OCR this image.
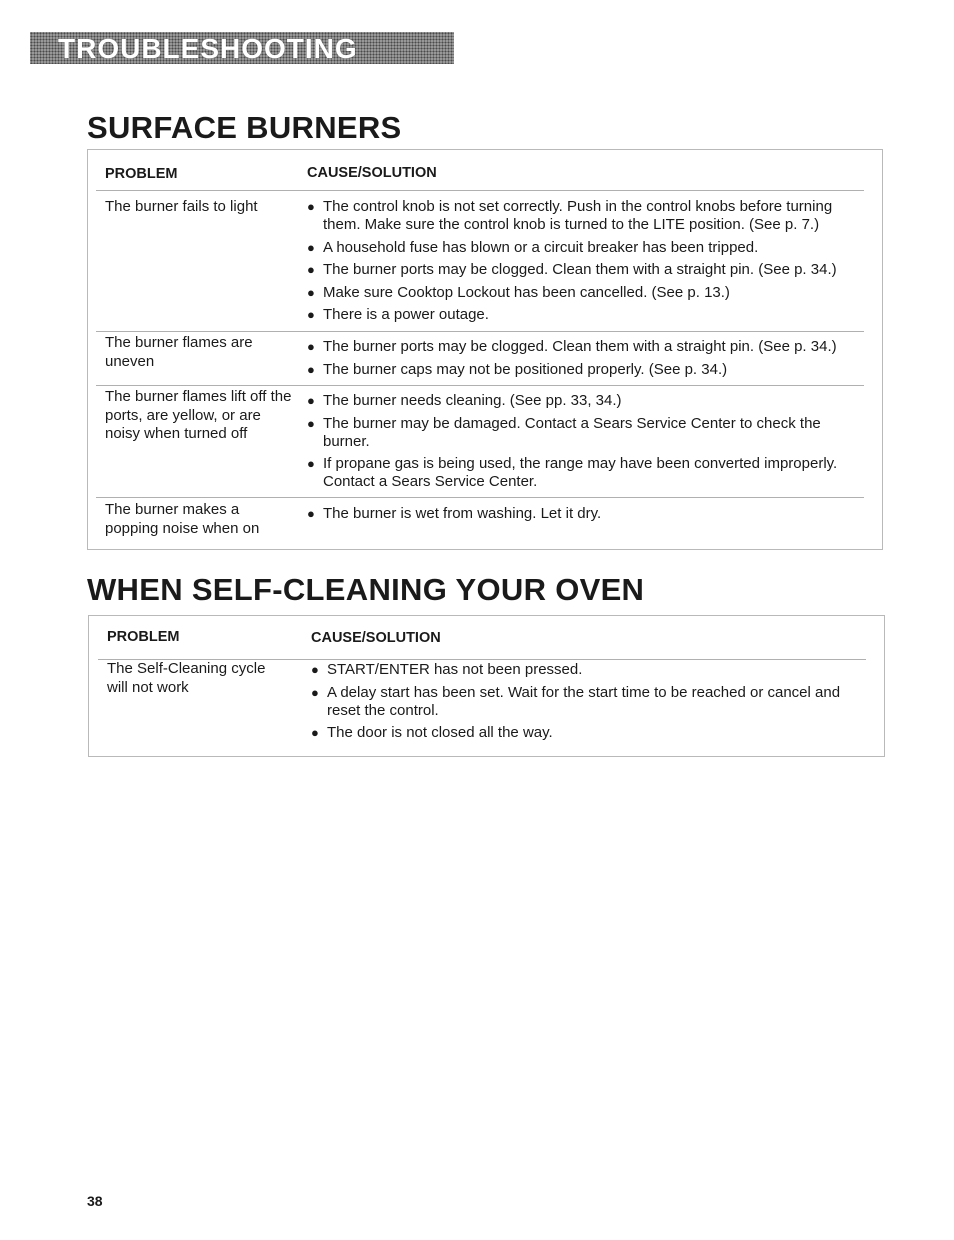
TROUBLESHOOTING
SURFACE BURNERS
PROBLEM	CAUSE/SOLUTION
The burner fails to light	● The control knob is not set correctly. Push in the control knobs before turning them. Make sure the control knob is turned to the LITE position. (See p. 7.)
● A household fuse has blown or a circuit breaker has been tripped.
● The burner ports may be clogged. Clean them with a straight pin. (See p. 34.)
● Make sure Cooktop Lockout has been cancelled. (See p. 13.)
● There is a power outage.
The burner flames are uneven
● The burner ports may be clogged. Clean them with a straight pin. (See p. 34.)
● The burner caps may not be positioned properly. (See p. 34.)
The burner flames lift off the ports, are yellow, or are noisy when turned off
● The burner needs cleaning. (See pp. 33, 34.)
● The burner may be damaged. Contact a Sears Service Center to check the burner.
● If propane gas is being used, the range may have been converted improperly. Contact a Sears Service Center.
The burner makes a popping noise when on
● The burner is wet from washing. Let it dry.
WHEN SELF-CLEANING YOUR OVEN
PROBLEM	CAUSE/SOLUTION
The Self-Cleaning cycle will not work
● START/ENTER has not been pressed.
● A delay start has been set. Wait for the start time to be reached or cancel and reset the control.
● The door is not closed all the way.
38
